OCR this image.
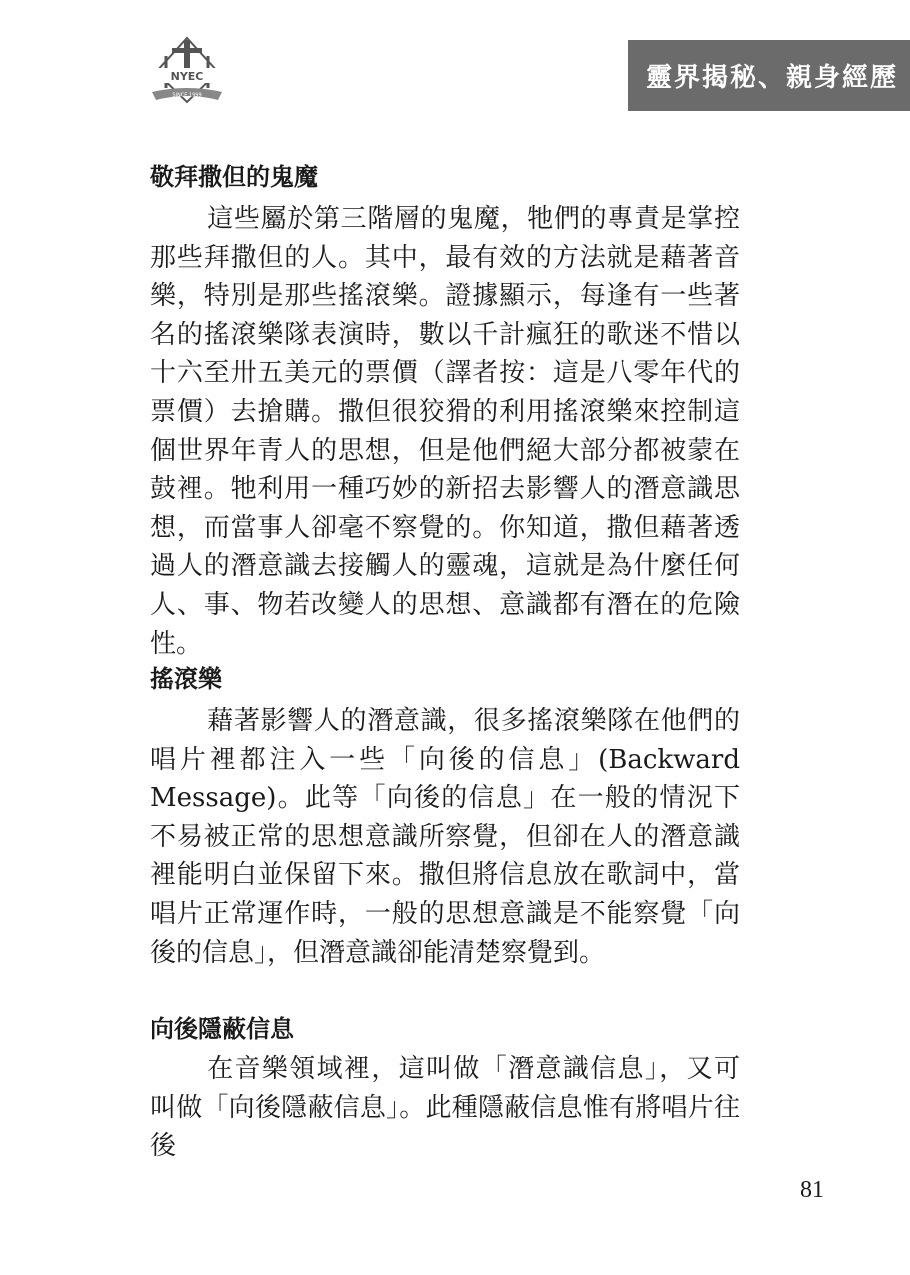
NYEC
SINCE 1999
靈界揭秘、親身經歷
敬拜撒但的鬼魔

這些屬於第三階層的鬼魔，牠們的專責是掌控那些拜撒但的人。其中，最有效的方法就是藉著音樂，特別是那些搖滾樂。證據顯示，每逢有一些著名的搖滾樂隊表演時，數以千計瘋狂的歌迷不惜以十六至卅五美元的票價（譯者按：這是八零年代的票價）去搶購。撒但很狡猾的利用搖滾樂來控制這個世界年青人的思想，但是他們絕大部分都被蒙在鼓裡。牠利用一種巧妙的新招去影響人的潛意識思想，而當事人卻毫不察覺的。你知道，撒但藉著透過人的潛意識去接觸人的靈魂，這就是為什麼任何人、事、物若改變人的思想、意識都有潛在的危險性。

搖滾樂

藉著影響人的潛意識，很多搖滾樂隊在他們的唱片裡都注入一些「向後的信息」(Backward Message)。此等「向後的信息」在一般的情況下不易被正常的思想意識所察覺，但卻在人的潛意識裡能明白並保留下來。撒但將信息放在歌詞中，當唱片正常運作時，一般的思想意識是不能察覺「向後的信息」，但潛意識卻能清楚察覺到。

向後隱蔽信息

在音樂領域裡，這叫做「潛意識信息」，又可叫做「向後隱蔽信息」。此種隱蔽信息惟有將唱片往後

81
